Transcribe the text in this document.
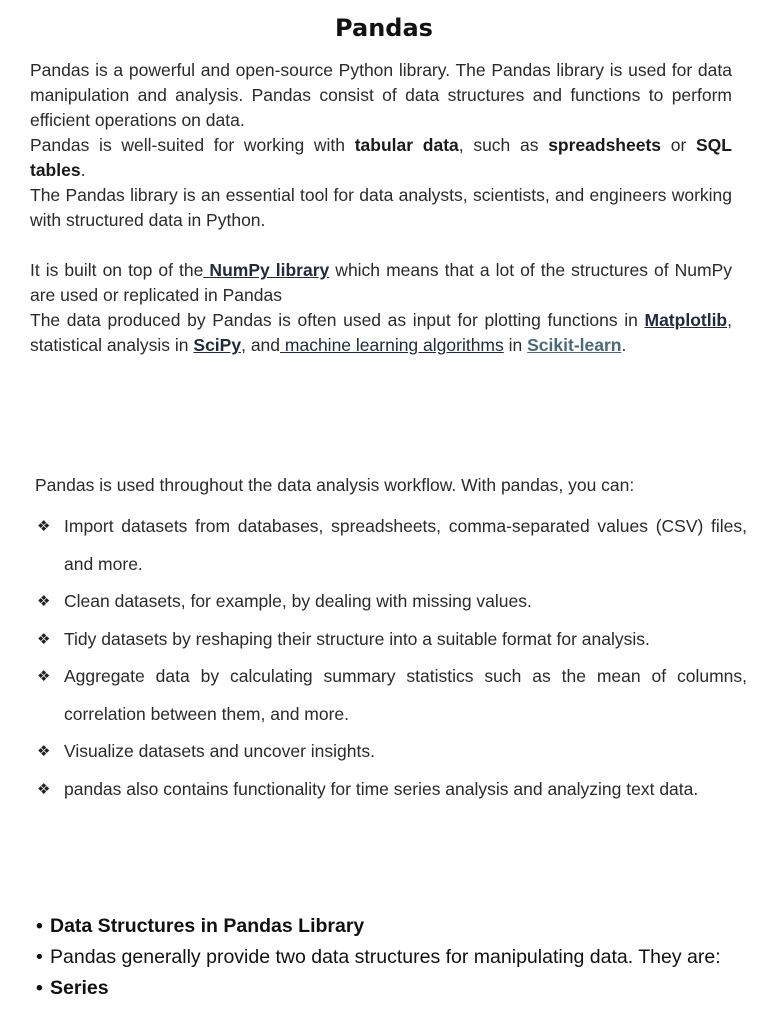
Pandas

Pandas is a powerful and open-source Python library. The Pandas library is used for data manipulation and analysis. Pandas consist of data structures and functions to perform efficient operations on data.

Pandas is well-suited for working with tabular data, such as spreadsheets or SQL tables.

The Pandas library is an essential tool for data analysts, scientists, and engineers working with structured data in Python.

It is built on top of the NumPy library which means that a lot of the structures of NumPy are used or replicated in Pandas

The data produced by Pandas is often used as input for plotting functions in Matplotlib, statistical analysis in SciPy, and machine learning algorithms in Scikit-learn.

Pandas is used throughout the data analysis workflow. With pandas, you can:

❖ Import datasets from databases, spreadsheets, comma-separated values (CSV) files, and more.
❖ Clean datasets, for example, by dealing with missing values.
❖ Tidy datasets by reshaping their structure into a suitable format for analysis.
❖ Aggregate data by calculating summary statistics such as the mean of columns, correlation between them, and more.
❖ Visualize datasets and uncover insights.
❖ pandas also contains functionality for time series analysis and analyzing text data.
• Data Structures in Pandas Library
• Pandas generally provide two data structures for manipulating data. They are:
• Series
